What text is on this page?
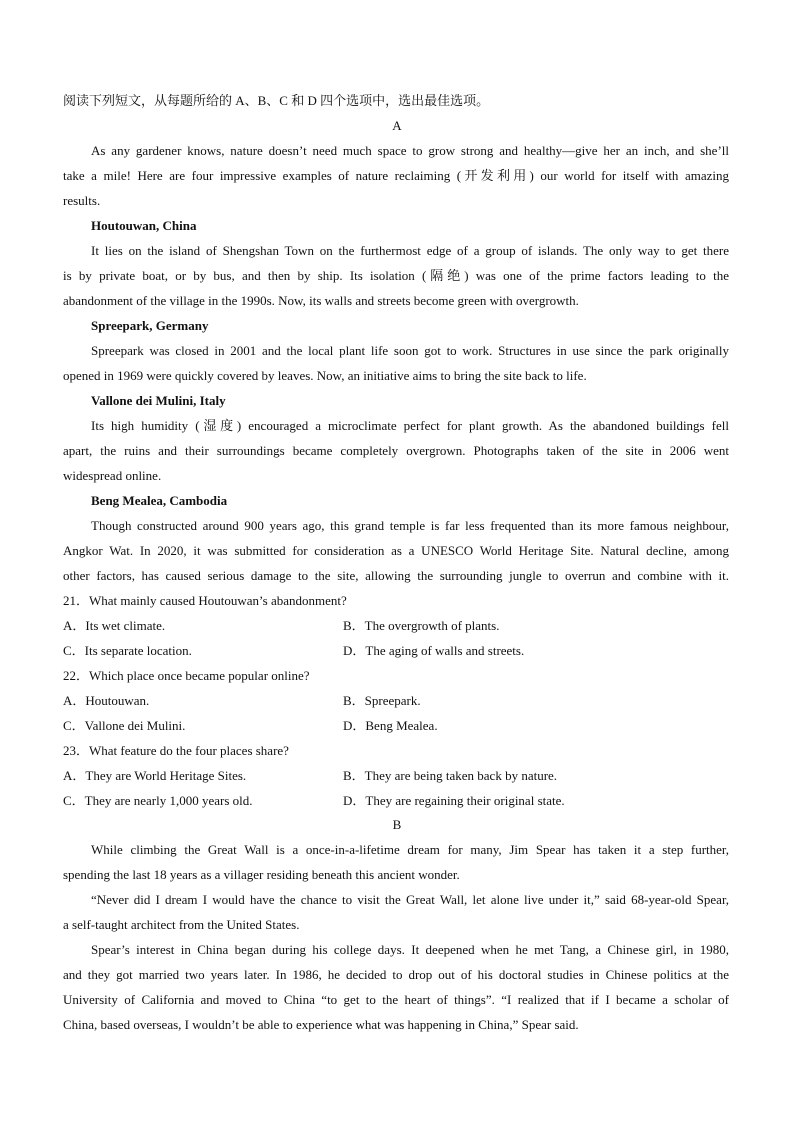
阅读下列短文，从每题所给的 A、B、C 和 D 四个选项中，选出最佳选项。
A
As any gardener knows, nature doesn’t need much space to grow strong and healthy—give her an inch, and she’ll
take a mile! Here are four impressive examples of nature reclaiming (开发利用) our world for itself with amazing
results.
Houtouwan, China
It lies on the island of Shengshan Town on the furthermost edge of a group of islands. The only way to get there
is by private boat, or by bus, and then by ship. Its isolation (隔绝) was one of the prime factors leading to the
abandonment of the village in the 1990s. Now, its walls and streets become green with overgrowth.
Spreepark, Germany
Spreepark was closed in 2001 and the local plant life soon got to work. Structures in use since the park originally
opened in 1969 were quickly covered by leaves. Now, an initiative aims to bring the site back to life.
Vallone dei Mulini, Italy
Its high humidity (湿度) encouraged a microclimate perfect for plant growth. As the abandoned buildings fell
apart, the ruins and their surroundings became completely overgrown. Photographs taken of the site in 2006 went
widespread online.
Beng Mealea, Cambodia
Though constructed around 900 years ago, this grand temple is far less frequented than its more famous neighbour,
Angkor Wat. In 2020, it was submitted for consideration as a UNESCO World Heritage Site. Natural decline, among
other factors, has caused serious damage to the site, allowing the surrounding jungle to overrun and combine with it.
21．What mainly caused Houtouwan’s abandonment?
A．Its wet climate.	B．The overgrowth of plants.
C．Its separate location.	D．The aging of walls and streets.
22．Which place once became popular online?
A．Houtouwan.	B．Spreepark.
C．Vallone dei Mulini.	D．Beng Mealea.
23．What feature do the four places share?
A．They are World Heritage Sites.	B．They are being taken back by nature.
C．They are nearly 1,000 years old.	D．They are regaining their original state.
B
While climbing the Great Wall is a once-in-a-lifetime dream for many, Jim Spear has taken it a step further,
spending the last 18 years as a villager residing beneath this ancient wonder.
“Never did I dream I would have the chance to visit the Great Wall, let alone live under it,” said 68-year-old Spear,
a self-taught architect from the United States.
Spear’s interest in China began during his college days. It deepened when he met Tang, a Chinese girl, in 1980,
and they got married two years later. In 1986, he decided to drop out of his doctoral studies in Chinese politics at the
University of California and moved to China “to get to the heart of things”. “I realized that if I became a scholar of
China, based overseas, I wouldn’t be able to experience what was happening in China,” Spear said.
